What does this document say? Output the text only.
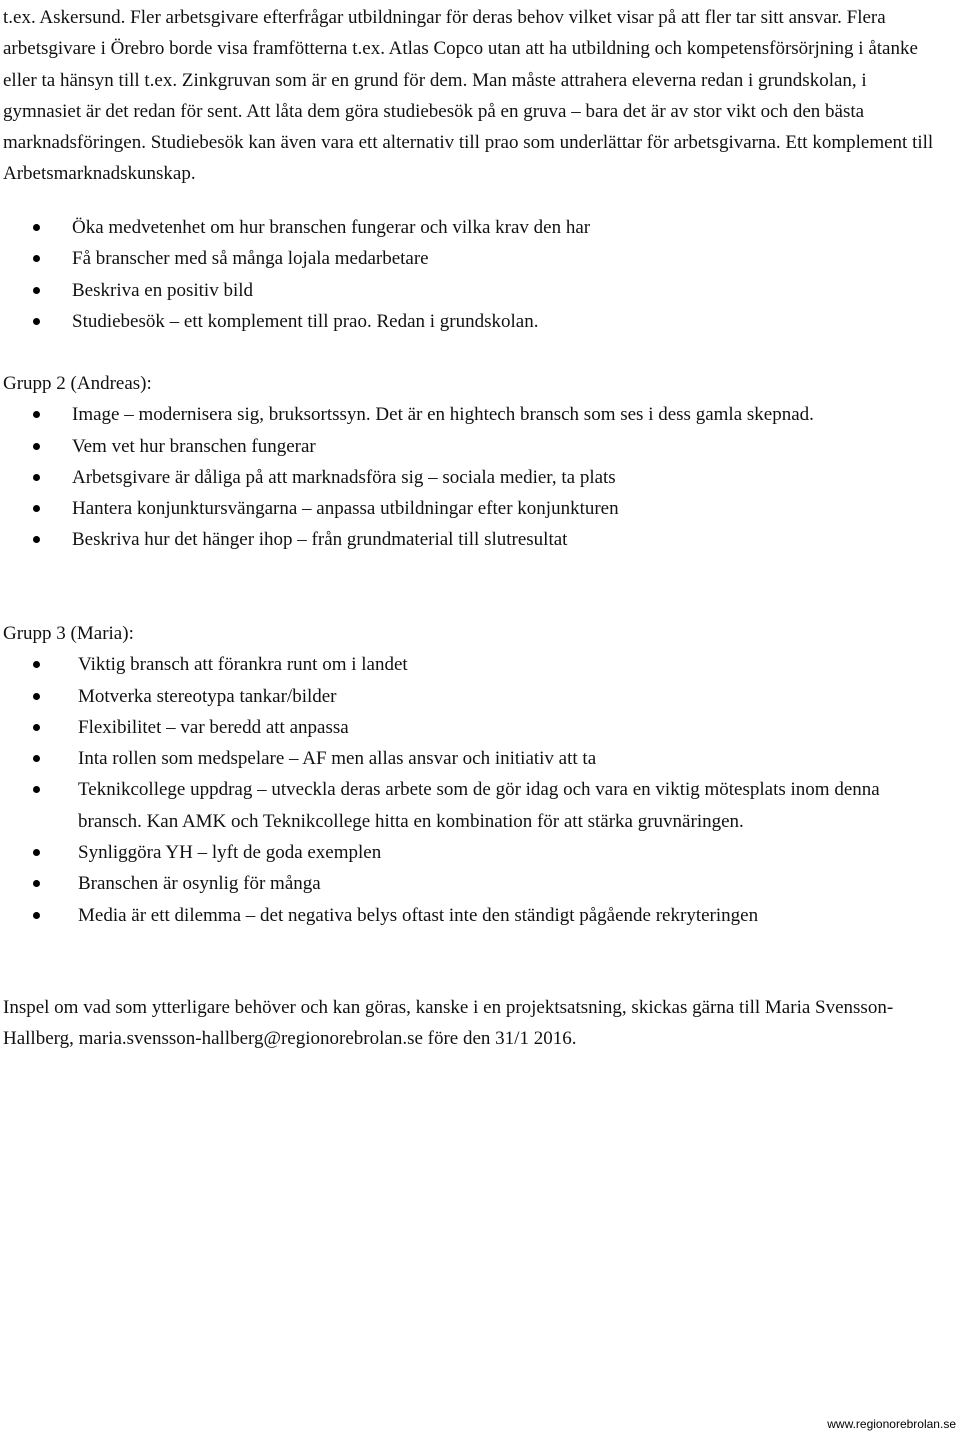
t.ex. Askersund. Fler arbetsgivare efterfrågar utbildningar för deras behov vilket visar på att fler tar sitt ansvar. Flera arbetsgivare i Örebro borde visa framfötterna t.ex. Atlas Copco utan att ha utbildning och kompetensförsörjning i åtanke eller ta hänsyn till t.ex. Zinkgruvan som är en grund för dem. Man måste attrahera eleverna redan i grundskolan, i gymnasiet är det redan för sent. Att låta dem göra studiebesök på en gruva – bara det är av stor vikt och den bästa marknadsföringen. Studiebesök kan även vara ett alternativ till prao som underlättar för arbetsgivarna. Ett komplement till Arbetsmarknadskunskap.

Öka medvetenhet om hur branschen fungerar och vilka krav den har
Få branscher med så många lojala medarbetare
Beskriva en positiv bild
Studiebesök – ett komplement till prao. Redan i grundskolan.
Grupp 2 (Andreas):
Image – modernisera sig, bruksortssyn. Det är en hightech bransch som ses i dess gamla skepnad.
Vem vet hur branschen fungerar
Arbetsgivare är dåliga på att marknadsföra sig – sociala medier, ta plats
Hantera konjunktursvängarna – anpassa utbildningar efter konjunkturen
Beskriva hur det hänger ihop – från grundmaterial till slutresultat
Grupp 3 (Maria):
Viktig bransch att förankra runt om i landet
Motverka stereotypa tankar/bilder
Flexibilitet – var beredd att anpassa
Inta rollen som medspelare – AF men allas ansvar och initiativ att ta
Teknikcollege uppdrag – utveckla deras arbete som de gör idag och vara en viktig mötesplats inom denna bransch. Kan AMK och Teknikcollege hitta en kombination för att stärka gruvnäringen.
Synliggöra YH – lyft de goda exemplen
Branschen är osynlig för många
Media är ett dilemma – det negativa belys oftast inte den ständigt pågående rekryteringen

Inspel om vad som ytterligare behöver och kan göras, kanske i en projektsatsning, skickas gärna till Maria Svensson-Hallberg, maria.svensson-hallberg@regionorebrolan.se före den 31/1 2016.

www.regionorebrolan.se
